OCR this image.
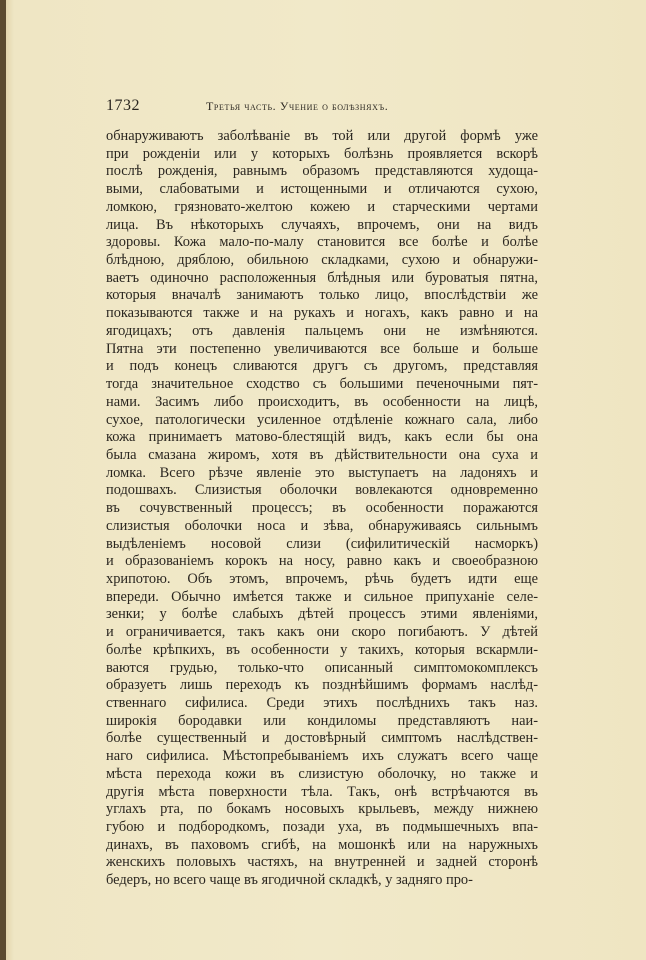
1732	Третья часть. Учение о болѣзняхъ.
обнаруживаютъ заболѣваніе въ той или другой формѣ уже
при рожденіи или у которыхъ болѣзнь проявляется вскорѣ
послѣ рожденія, равнымъ образомъ представляются худоща-
выми, слабоватыми и истощенными и отличаются сухою,
ломкою, грязновато-желтою кожею и старческими чертами
лица. Въ нѣкоторыхъ случаяхъ, впрочемъ, они на видъ
здоровы. Кожа мало-по-малу становится все болѣе и болѣе
блѣдною, дряблою, обильною складками, сухою и обнаружи-
ваетъ одиночно расположенныя блѣдныя или буроватыя пятна,
которыя вначалѣ занимаютъ только лицо, впослѣдствіи же
показываются также и на рукахъ и ногахъ, какъ равно и на
ягодицахъ; отъ давленія пальцемъ они не измѣняются.
Пятна эти постепенно увеличиваются все больше и больше
и подъ конецъ сливаются другъ съ другомъ, представляя
тогда значительное сходство съ большими печеночными пят-
нами. Засимъ либо происходитъ, въ особенности на лицѣ,
сухое, патологически усиленное отдѣленіе кожнаго сала, либо
кожа принимаетъ матово-блестящій видъ, какъ если бы она
была смазана жиромъ, хотя въ дѣйствительности она суха и
ломка. Всего рѣзче явленіе это выступаетъ на ладоняхъ и
подошвахъ. Слизистыя оболочки вовлекаются одновременно
въ сочувственный процессъ; въ особенности поражаются
слизистыя оболочки носа и зѣва, обнаруживаясь сильнымъ
выдѣленіемъ носовой слизи (сифилитическій насморкъ)
и образованіемъ корокъ на носу, равно какъ и своеобразною
хрипотою. Объ этомъ, впрочемъ, рѣчь будетъ идти еще
впереди. Обычно имѣется также и сильное припуханіе селе-
зенки; у болѣе слабыхъ дѣтей процессъ этими явленіями,
и ограничивается, такъ какъ они скоро погибаютъ. У дѣтей
болѣе крѣпкихъ, въ особенности у такихъ, которыя вскармли-
ваются грудью, только-что описанный симптомокомплексъ
образуетъ лишь переходъ къ позднѣйшимъ формамъ наслѣд-
ственнаго сифилиса. Среди этихъ послѣднихъ такъ наз.
широкія бородавки или кондиломы представляютъ наи-
болѣе существенный и достовѣрный симптомъ наслѣдствен-
наго сифилиса. Мѣстопребываніемъ ихъ служатъ всего чаще
мѣста перехода кожи въ слизистую оболочку, но также и
другія мѣста поверхности тѣла. Такъ, онѣ встрѣчаются въ
углахъ рта, по бокамъ носовыхъ крыльевъ, между нижнею
губою и подбородкомъ, позади уха, въ подмышечныхъ впа-
динахъ, въ паховомъ сгибѣ, на мошонкѣ или на наружныхъ
женскихъ половыхъ частяхъ, на внутренней и задней сторонѣ
бедеръ, но всего чаще въ ягодичной складкѣ, у задняго про-
